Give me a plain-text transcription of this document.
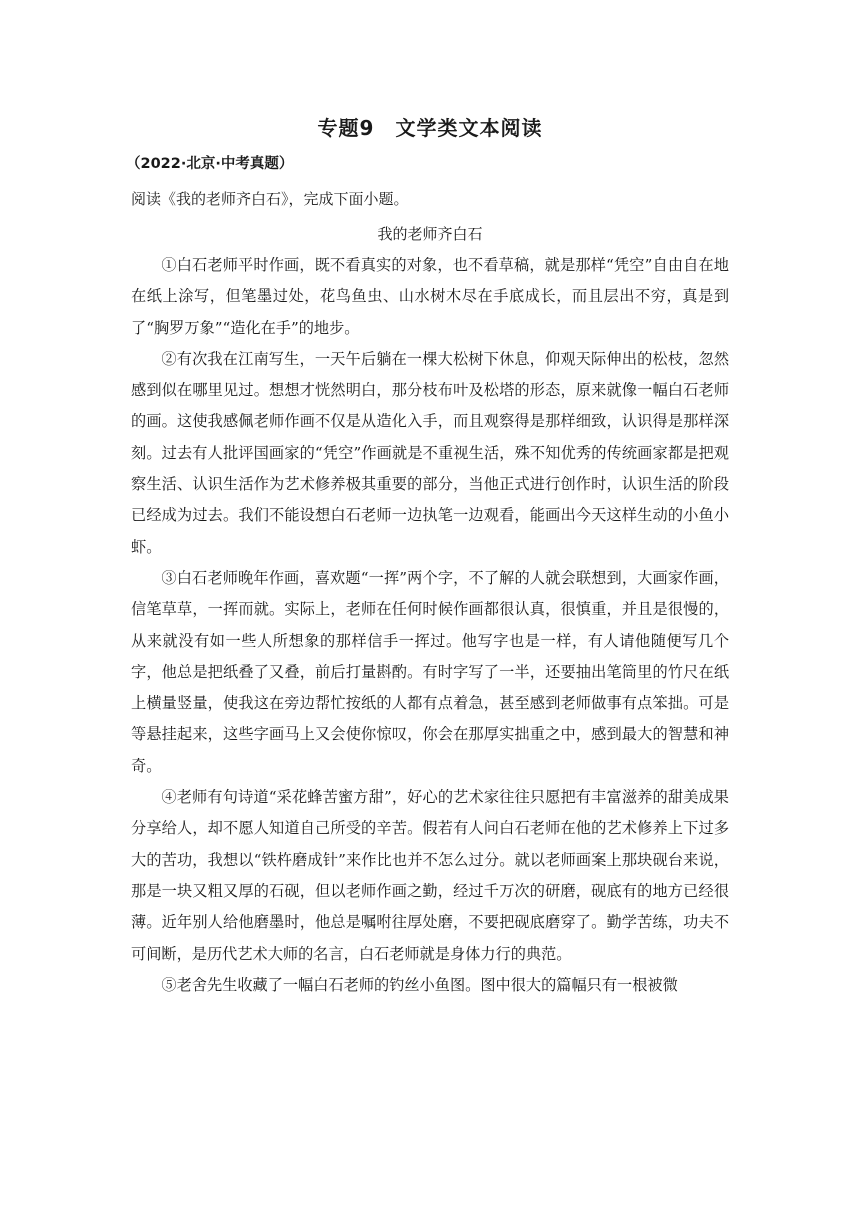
专题9　文学类文本阅读
（2022·北京·中考真题）
阅读《我的老师齐白石》，完成下面小题。
我的老师齐白石

①白石老师平时作画，既不看真实的对象，也不看草稿，就是那样“凭空”自由自在地在纸上涂写，但笔墨过处，花鸟鱼虫、山水树木尽在手底成长，而且层出不穷，真是到了“胸罗万象”“造化在手”的地步。

②有次我在江南写生，一天午后躺在一棵大松树下休息，仰观天际伸出的松枝，忽然感到似在哪里见过。想想才恍然明白，那分枝布叶及松塔的形态，原来就像一幅白石老师的画。这使我感佩老师作画不仅是从造化入手，而且观察得是那样细致，认识得是那样深刻。过去有人批评国画家的“凭空”作画就是不重视生活，殊不知优秀的传统画家都是把观察生活、认识生活作为艺术修养极其重要的部分，当他正式进行创作时，认识生活的阶段已经成为过去。我们不能设想白石老师一边执笔一边观看，能画出今天这样生动的小鱼小虾。

③白石老师晚年作画，喜欢题“一挥”两个字，不了解的人就会联想到，大画家作画，信笔草草，一挥而就。实际上，老师在任何时候作画都很认真，很慎重，并且是很慢的，从来就没有如一些人所想象的那样信手一挥过。他写字也是一样，有人请他随便写几个字，他总是把纸叠了又叠，前后打量斟酌。有时字写了一半，还要抽出笔筒里的竹尺在纸上横量竖量，使我这在旁边帮忙按纸的人都有点着急，甚至感到老师做事有点笨拙。可是等悬挂起来，这些字画马上又会使你惊叹，你会在那厚实拙重之中，感到最大的智慧和神奇。

④老师有句诗道“采花蜂苦蜜方甜”，好心的艺术家往往只愿把有丰富滋养的甜美成果分享给人，却不愿人知道自己所受的辛苦。假若有人问白石老师在他的艺术修养上下过多大的苦功，我想以“铁杵磨成针”来作比也并不怎么过分。就以老师画案上那块砚台来说，那是一块又粗又厚的石砚，但以老师作画之勤，经过千万次的研磨，砚底有的地方已经很薄。近年别人给他磨墨时，他总是嘱咐往厚处磨，不要把砚底磨穿了。勤学苦练，功夫不可间断，是历代艺术大师的名言，白石老师就是身体力行的典范。

⑤老舍先生收藏了一幅白石老师的钓丝小鱼图。图中很大的篇幅只有一根被微
